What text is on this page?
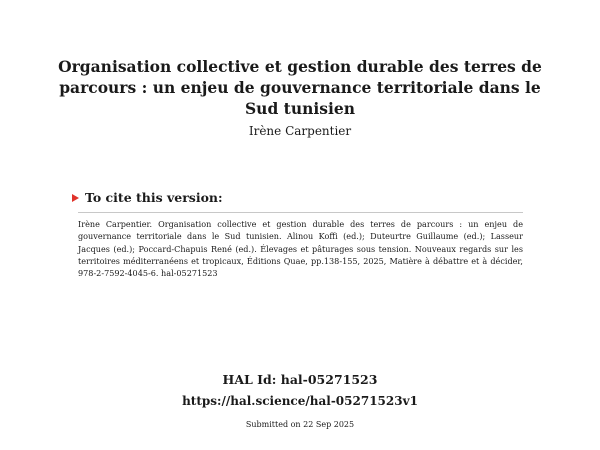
Organisation collective et gestion durable des terres de parcours : un enjeu de gouvernance territoriale dans le Sud tunisien

Irène Carpentier

To cite this version:

Irène Carpentier. Organisation collective et gestion durable des terres de parcours : un enjeu de gouvernance territoriale dans le Sud tunisien. Alinou Koffi (ed.); Duteurtre Guillaume (ed.); Lasseur Jacques (ed.); Poccard-Chapuis René (ed.). Élevages et pâturages sous tension. Nouveaux regards sur les territoires méditerranéens et tropicaux, Éditions Quae, pp.138-155, 2025, Matière à débattre et à décider, 978-2-7592-4045-6. hal-05271523

HAL Id: hal-05271523

https://hal.science/hal-05271523v1

Submitted on 22 Sep 2025
